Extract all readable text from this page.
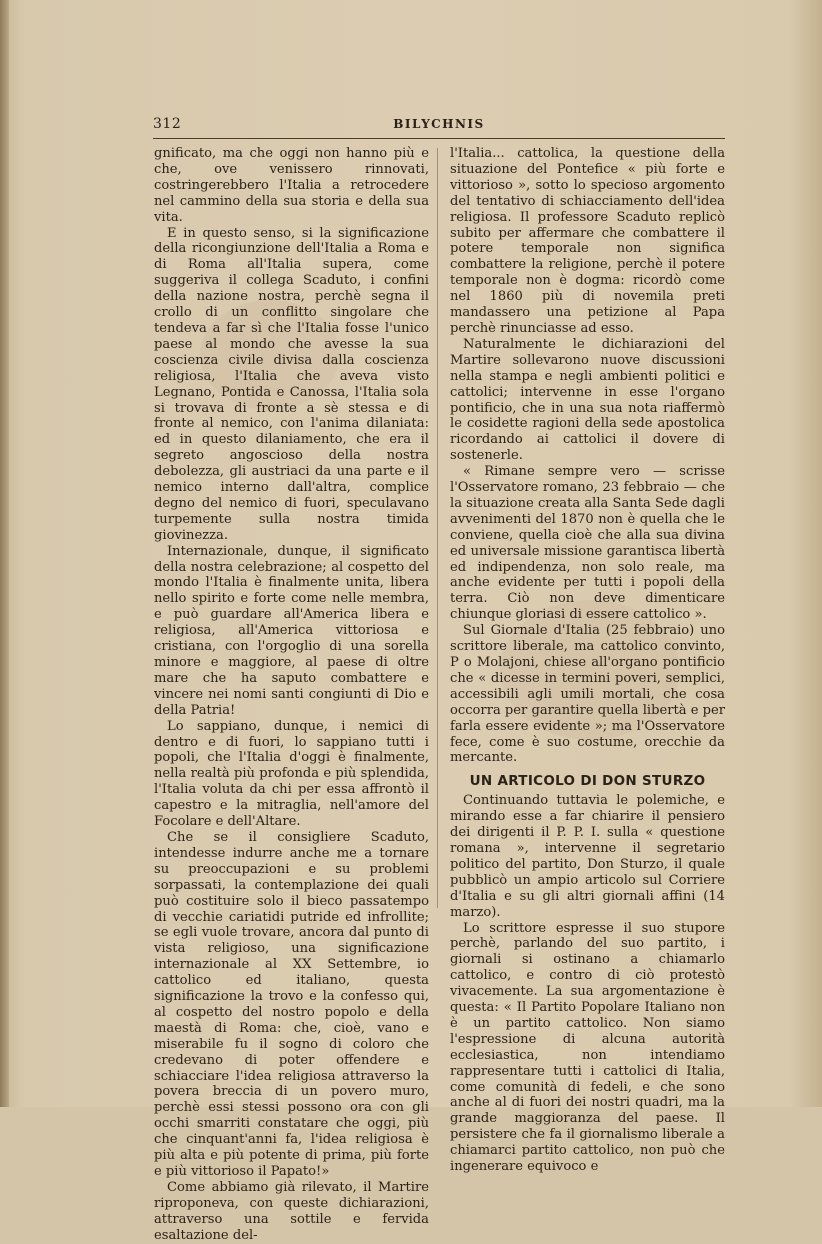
312	BILYCHNIS

gnificato, ma che oggi non hanno più e che, ove venissero rinnovati, costringerebbero l'Italia a retrocedere nel cammino della sua storia e della sua vita.

E in questo senso, si la significazione della ricongiunzione dell'Italia a Roma e di Roma all'Italia supera, come suggeriva il collega Scaduto, i confini della nazione nostra, perchè segna il crollo di un conflitto singolare che tendeva a far sì che l'Italia fosse l'unico paese al mondo che avesse la sua coscienza civile divisa dalla coscienza religiosa, l'Italia che aveva visto Legnano, Pontida e Canossa, l'Italia sola si trovava di fronte a sè stessa e di fronte al nemico, con l'anima dilaniata: ed in questo dilaniamento, che era il segreto angoscioso della nostra debolezza, gli austriaci da una parte e il nemico interno dall'altra, complice degno del nemico di fuori, speculavano turpemente sulla nostra timida giovinezza.

Internazionale, dunque, il significato della nostra celebrazione; al cospetto del mondo l'Italia è finalmente unita, libera nello spirito e forte come nelle membra, e può guardare all'America libera e religiosa, all'America vittoriosa e cristiana, con l'orgoglio di una sorella minore e maggiore, al paese di oltre mare che ha saputo combattere e vincere nei nomi santi congiunti di Dio e della Patria!

Lo sappiano, dunque, i nemici di dentro e di fuori, lo sappiano tutti i popoli, che l'Italia d'oggi è finalmente, nella realtà più profonda e più splendida, l'Italia voluta da chi per essa affrontò il capestro e la mitraglia, nell'amore del Focolare e dell'Altare.

Che se il consigliere Scaduto, intendesse indurre anche me a tornare su preoccupazioni e su problemi sorpassati, la contemplazione dei quali può costituire solo il bieco passatempo di vecchie cariatidi putride ed infrollite; se egli vuole trovare, ancora dal punto di vista religioso, una significazione internazionale al XX Settembre, io cattolico ed italiano, questa significazione la trovo e la confesso qui, al cospetto del nostro popolo e della maestà di Roma: che, cioè, vano e miserabile fu il sogno di coloro che credevano di poter offendere e schiacciare l'idea religiosa attraverso la povera breccia di un povero muro, perchè essi stessi possono ora con gli occhi smarriti constatare che oggi, più che cinquant'anni fa, l'idea religiosa è più alta e più potente di prima, più forte e più vittorioso il Papato!»

Come abbiamo già rilevato, il Martire riproponeva, con queste dichiarazioni, attraverso una sottile e fervida esaltazione del-

l'Italia... cattolica, la questione della situazione del Pontefice « più forte e vittorioso », sotto lo specioso argomento del tentativo di schiacciamento dell'idea religiosa. Il professore Scaduto replicò subito per affermare che combattere il potere temporale non significa combattere la religione, perchè il potere temporale non è dogma: ricordò come nel 1860 più di novemila preti mandassero una petizione al Papa perchè rinunciasse ad esso.

Naturalmente le dichiarazioni del Martire sollevarono nuove discussioni nella stampa e negli ambienti politici e cattolici; intervenne in esse l'organo pontificio, che in una sua nota riaffermò le cosidette ragioni della sede apostolica ricordando ai cattolici il dovere di sostenerle.

« Rimane sempre vero — scrisse l'Osservatore romano, 23 febbraio — che la situazione creata alla Santa Sede dagli avvenimenti del 1870 non è quella che le conviene, quella cioè che alla sua divina ed universale missione garantisca libertà ed indipendenza, non solo reale, ma anche evidente per tutti i popoli della terra. Ciò non deve dimenticare chiunque gloriasi di essere cattolico ».

Sul Giornale d'Italia (25 febbraio) uno scrittore liberale, ma cattolico convinto, P o Molajoni, chiese all'organo pontificio che « dicesse in termini poveri, semplici, accessibili agli umili mortali, che cosa occorra per garantire quella libertà e per farla essere evidente »; ma l'Osservatore fece, come è suo costume, orecchie da mercante.

UN ARTICOLO DI DON STURZO

Continuando tuttavia le polemiche, e mirando esse a far chiarire il pensiero dei dirigenti il P. P. I. sulla « questione romana », intervenne il segretario politico del partito, Don Sturzo, il quale pubblicò un ampio articolo sul Corriere d'Italia e su gli altri giornali affini (14 marzo).

Lo scrittore espresse il suo stupore perchè, parlando del suo partito, i giornali si ostinano a chiamarlo cattolico, e contro di ciò protestò vivacemente. La sua argomentazione è questa: « Il Partito Popolare Italiano non è un partito cattolico. Non siamo l'espressione di alcuna autorità ecclesiastica, non intendiamo rappresentare tutti i cattolici di Italia, come comunità di fedeli, e che sono anche al di fuori dei nostri quadri, ma la grande maggioranza del paese. Il persistere che fa il giornalismo liberale a chiamarci partito cattolico, non può che ingenerare equivoco e
